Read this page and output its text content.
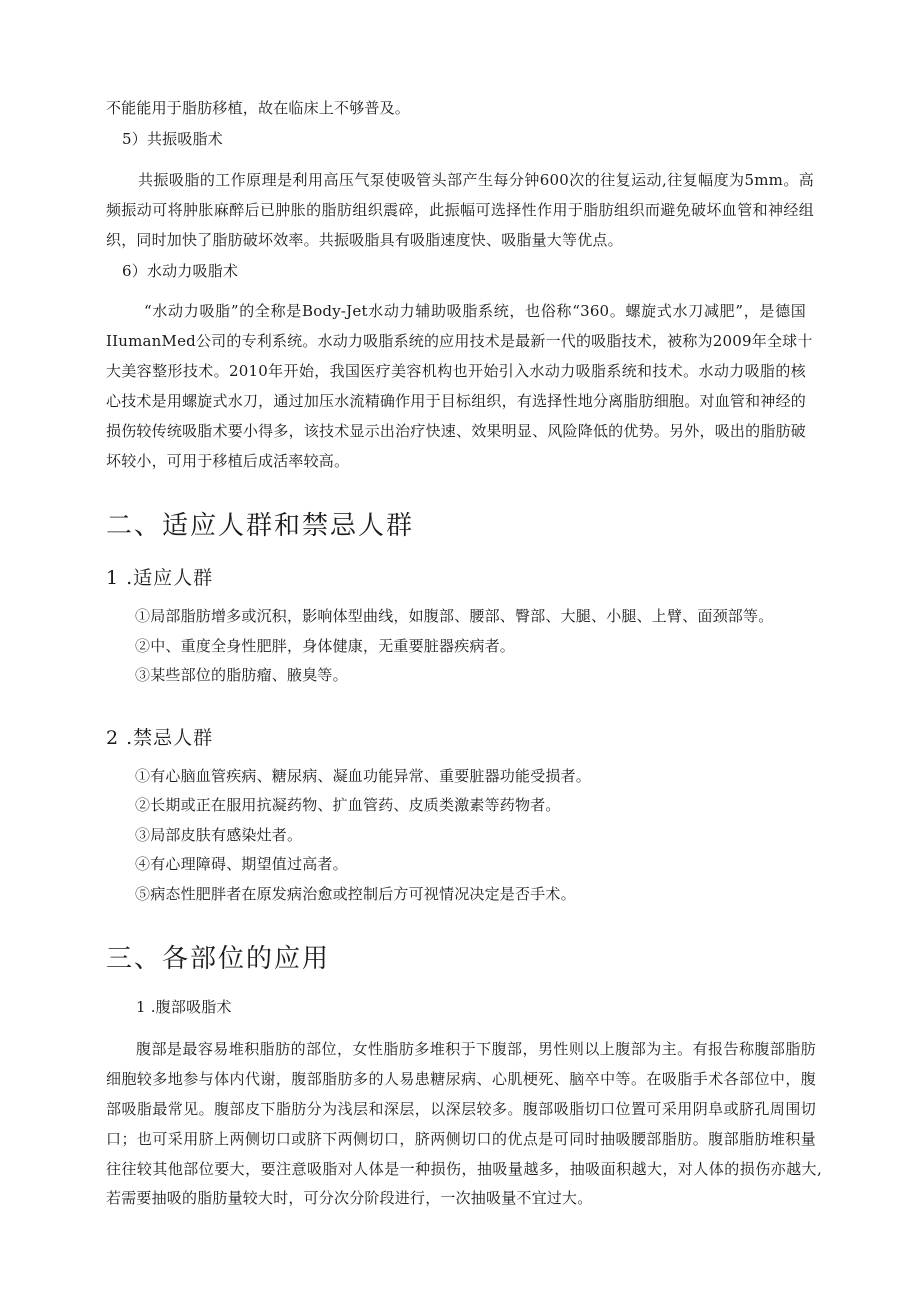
不能能用于脂肪移植，故在临床上不够普及。
5）共振吸脂术
共振吸脂的工作原理是利用高压气泵使吸管头部产生每分钟600次的往复运动,往复幅度为5mm。高
频振动可将肿胀麻醉后已肿胀的脂肪组织震碎，此振幅可选择性作用于脂肪组织而避免破坏血管和神经组
织，同时加快了脂肪破坏效率。共振吸脂具有吸脂速度快、吸脂量大等优点。
6）水动力吸脂术
“水动力吸脂”的全称是Body-Jet水动力辅助吸脂系统，也俗称“360。螺旋式水刀减肥”，是德国
IIumanMed公司的专利系统。水动力吸脂系统的应用技术是最新一代的吸脂技术，被称为2009年全球十
大美容整形技术。2010年开始，我国医疗美容机构也开始引入水动力吸脂系统和技术。水动力吸脂的核
心技术是用螺旋式水刀，通过加压水流精确作用于目标组织，有选择性地分离脂肪细胞。对血管和神经的
损伤较传统吸脂术要小得多，该技术显示出治疗快速、效果明显、风险降低的优势。另外，吸出的脂肪破
坏较小，可用于移植后成活率较高。
二、适应人群和禁忌人群
1 .适应人群
①局部脂肪增多或沉积，影响体型曲线，如腹部、腰部、臀部、大腿、小腿、上臂、面颈部等。
②中、重度全身性肥胖，身体健康，无重要脏器疾病者。
③某些部位的脂肪瘤、腋臭等。
2 .禁忌人群
①有心脑血管疾病、糖尿病、凝血功能异常、重要脏器功能受损者。
②长期或正在服用抗凝药物、扩血管药、皮质类激素等药物者。
③局部皮肤有感染灶者。
④有心理障碍、期望值过高者。
⑤病态性肥胖者在原发病治愈或控制后方可视情况决定是否手术。
三、各部位的应用
1 .腹部吸脂术
腹部是最容易堆积脂肪的部位，女性脂肪多堆积于下腹部，男性则以上腹部为主。有报告称腹部脂肪
细胞较多地参与体内代谢，腹部脂肪多的人易患糖尿病、心肌梗死、脑卒中等。在吸脂手术各部位中，腹
部吸脂最常见。腹部皮下脂肪分为浅层和深层，以深层较多。腹部吸脂切口位置可采用阴阜或脐孔周围切
口；也可采用脐上两侧切口或脐下两侧切口，脐两侧切口的优点是可同时抽吸腰部脂肪。腹部脂肪堆积量
往往较其他部位要大，要注意吸脂对人体是一种损伤，抽吸量越多，抽吸面积越大，对人体的损伤亦越大,
若需要抽吸的脂肪量较大时，可分次分阶段进行，一次抽吸量不宜过大。
